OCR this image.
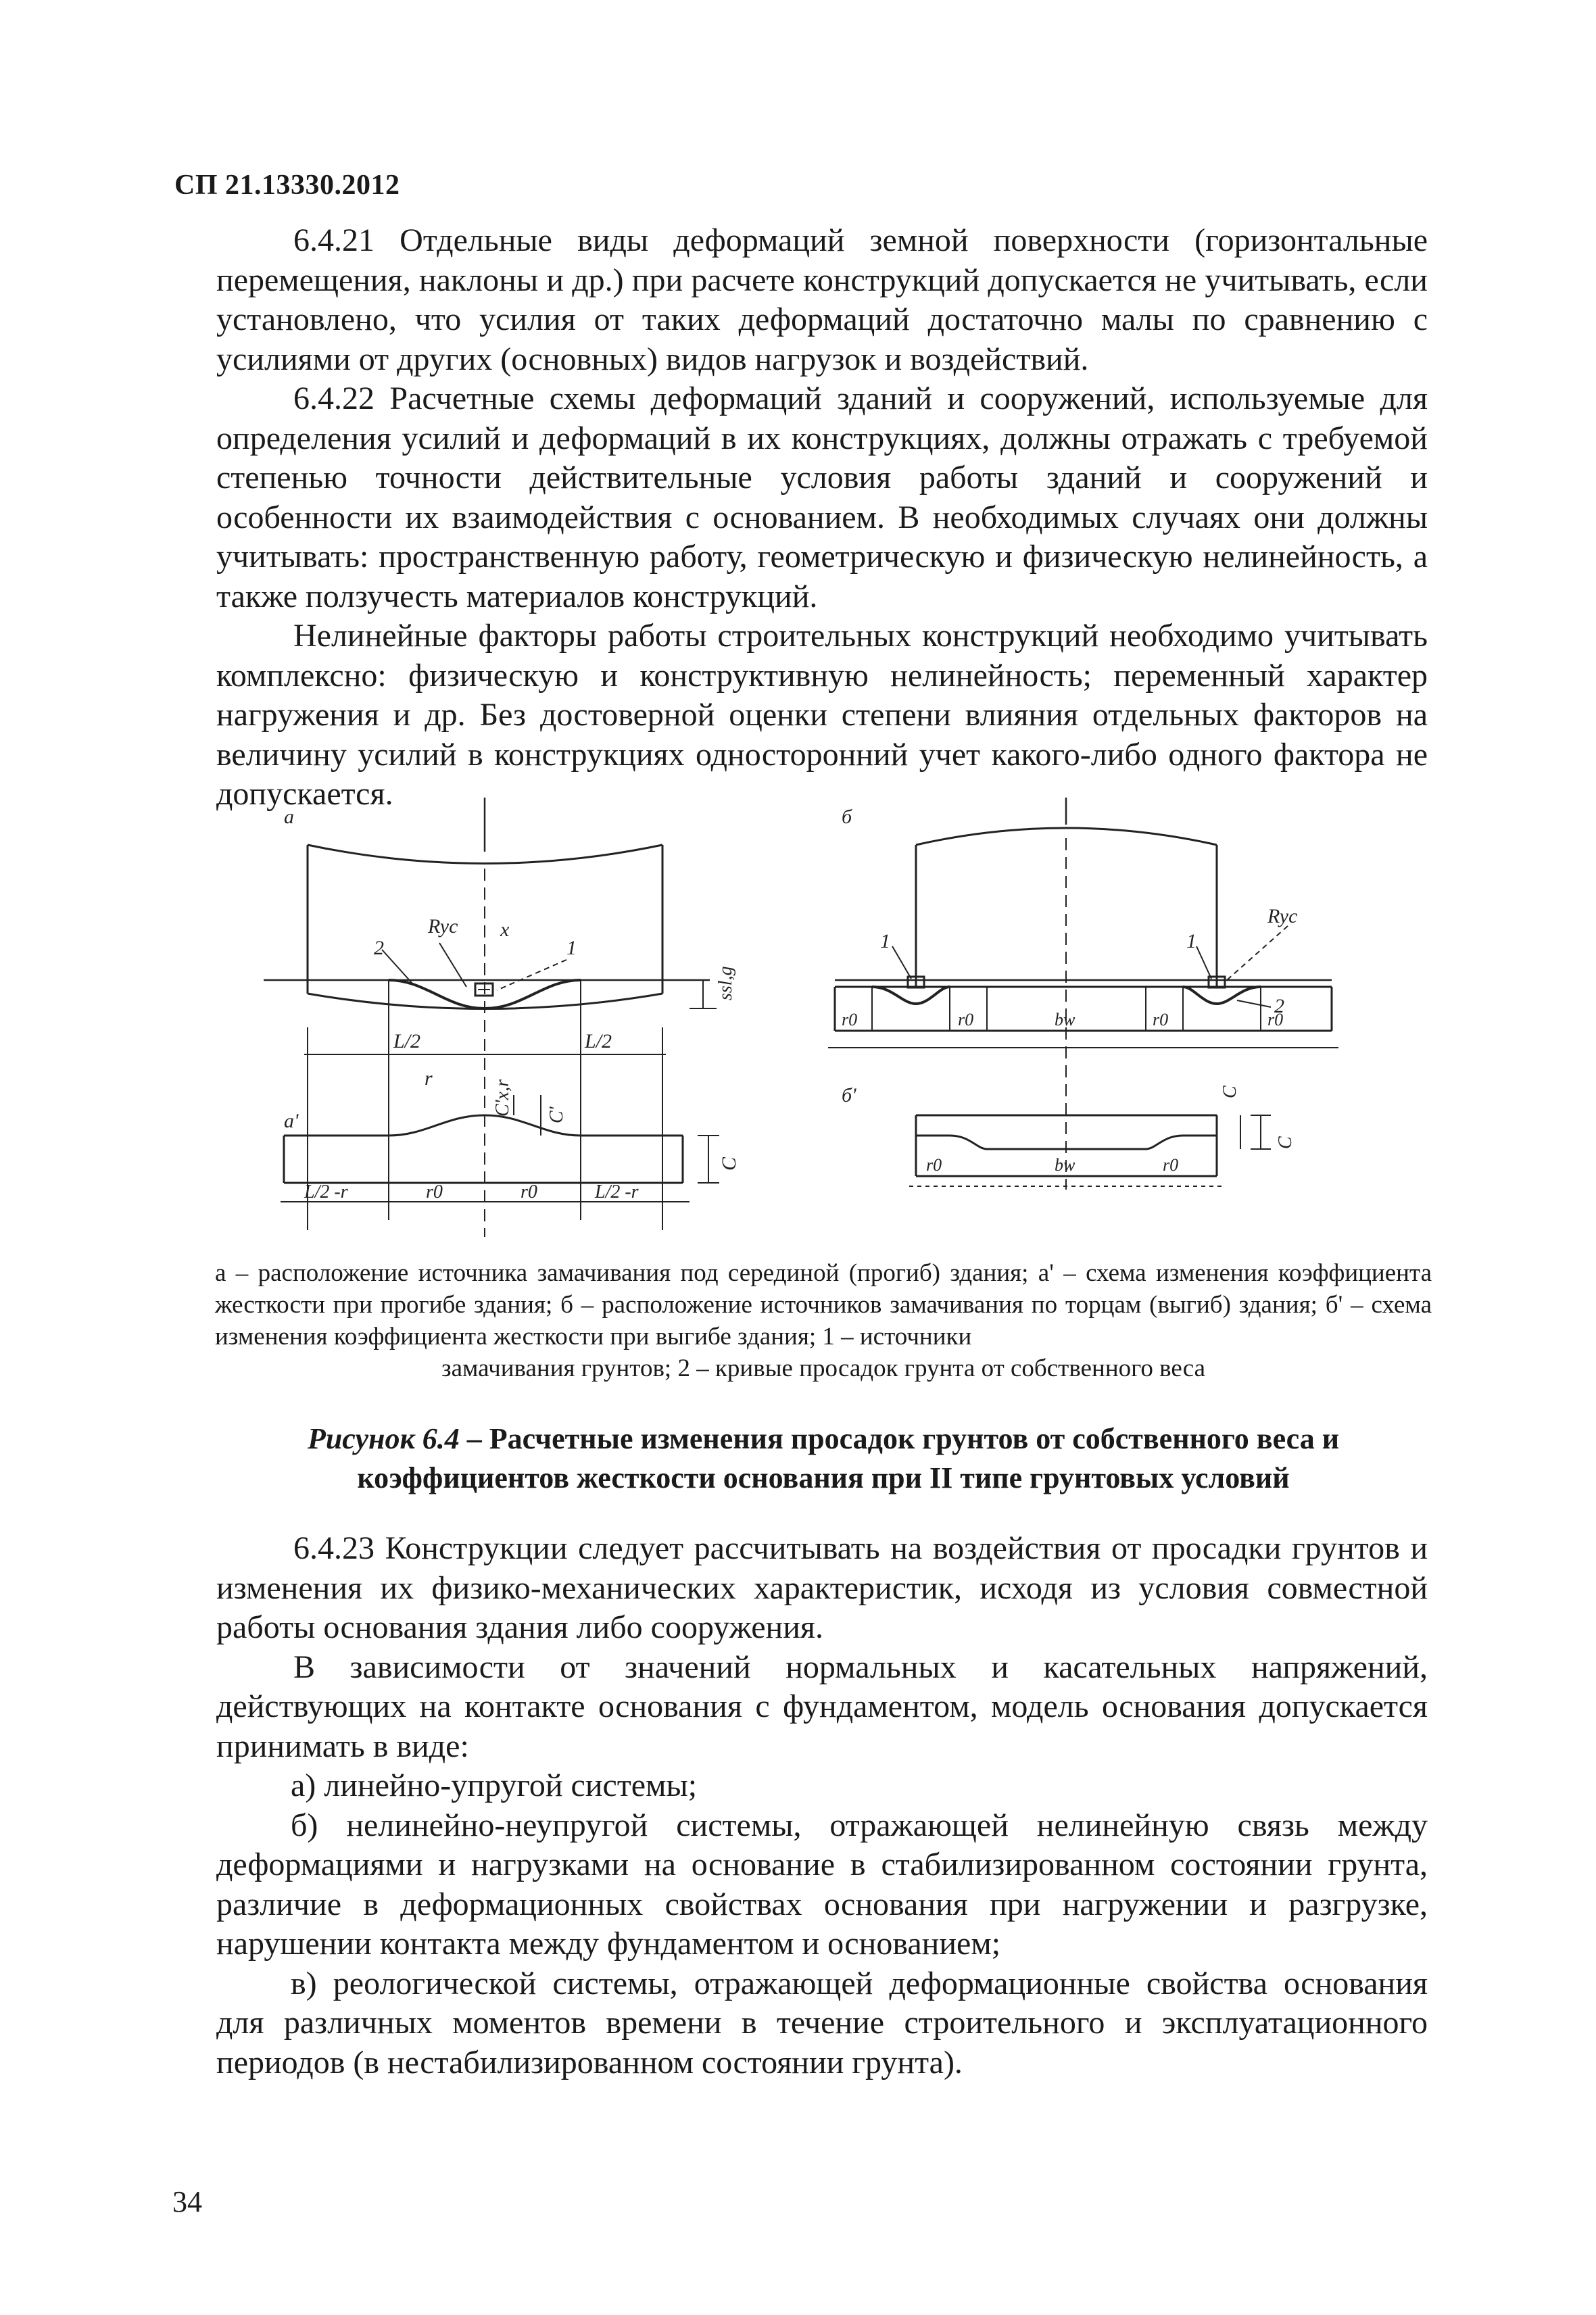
СП 21.13330.2012

6.4.21 Отдельные виды деформаций земной поверхности (горизонтальные перемещения, наклоны и др.) при расчете конструкций допускается не учитывать, если установлено, что усилия от таких деформаций достаточно малы по сравнению с усилиями от других (основных) видов нагрузок и воздействий.

6.4.22 Расчетные схемы деформаций зданий и сооружений, используемые для определения усилий и деформаций в их конструкциях, должны отражать с требуемой степенью точности действительные условия работы зданий и сооружений и особенности их взаимодействия с основанием. В необходимых случаях они должны учитывать: пространственную работу, геометрическую и физическую нелинейность, а также ползучесть материалов конструкций.

Нелинейные факторы работы строительных конструкций необходимо учитывать комплексно: физическую и конструктивную нелинейность; переменный характер нагружения и др. Без достоверной оценки степени влияния отдельных факторов на величину усилий в конструкциях односторонний учет какого-либо одного фактора не допускается.

а
а'
б
б'
Ryc x
2	1
ssl,g
L/2	L/2
r
C'x,r C'
C
L/2 -r	r0	r0	L/2 -r
Ryc
1	1
2
r0	r0	bw	r0	r0
r0	bw	r0
C
C
а – расположение источника замачивания под серединой (прогиб) здания; а' – схема изменения коэффициента жесткости при прогибе здания; б – расположение источников замачивания по торцам (выгиб) здания; б' – схема изменения коэффициента жесткости при выгибе здания; 1 – источники
замачивания грунтов; 2 – кривые просадок грунта от собственного веса
Рисунок 6.4 – Расчетные изменения просадок грунтов от собственного веса и коэффициентов жесткости основания при II типе грунтовых условий

6.4.23 Конструкции следует рассчитывать на воздействия от просадки грунтов и изменения их физико-механических характеристик, исходя из условия совместной работы основания здания либо сооружения.

В зависимости от значений нормальных и касательных напряжений, действующих на контакте основания с фундаментом, модель основания допускается принимать в виде:

а) линейно-упругой системы;

б) нелинейно-неупругой системы, отражающей нелинейную связь между деформациями и нагрузками на основание в стабилизированном состоянии грунта, различие в деформационных свойствах основания при нагружении и разгрузке, нарушении контакта между фундаментом и основанием;

в) реологической системы, отражающей деформационные свойства основания для различных моментов времени в течение строительного и эксплуатационного периодов (в нестабилизированном состоянии грунта).

34
